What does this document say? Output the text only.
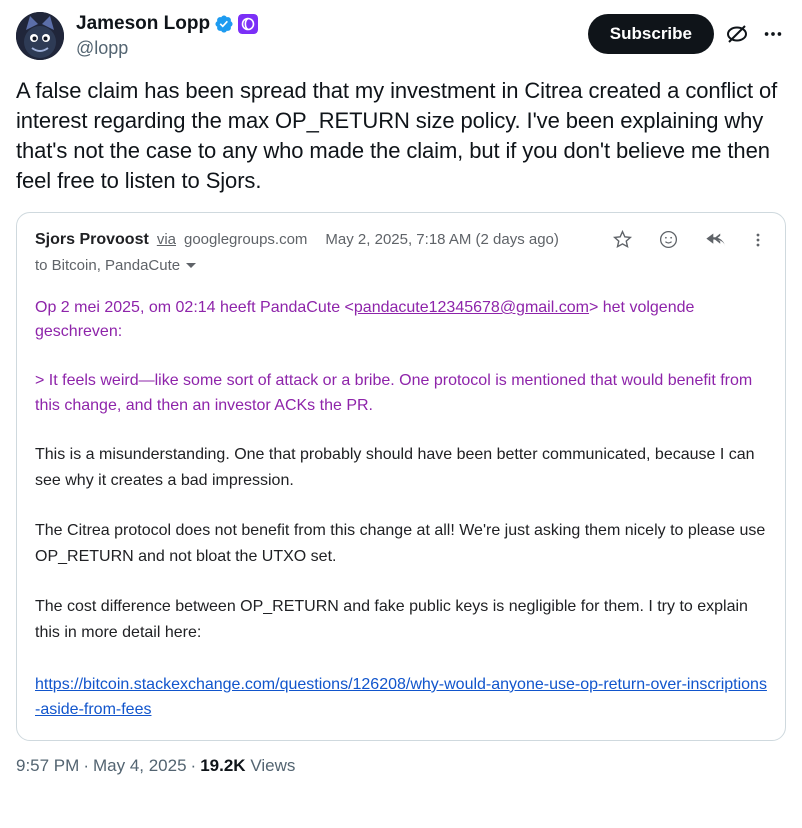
Jameson Lopp
@lopp
Subscribe
A false claim has been spread that my investment in Citrea created a conflict of interest regarding the max OP_RETURN size policy. I've been explaining why that's not the case to any who made the claim, but if you don't believe me then feel free to listen to Sjors.
Sjors Provoost via googlegroups.com May 2, 2025, 7:18 AM (2 days ago)
to Bitcoin, PandaCute
Op 2 mei 2025, om 02:14 heeft PandaCute <pandacute12345678@gmail.com> het volgende geschreven:
> It feels weird—like some sort of attack or a bribe. One protocol is mentioned that would benefit from this change, and then an investor ACKs the PR.
This is a misunderstanding. One that probably should have been better communicated, because I can see why it creates a bad impression.
The Citrea protocol does not benefit from this change at all! We're just asking them nicely to please use OP_RETURN and not bloat the UTXO set.
The cost difference between OP_RETURN and fake public keys is negligible for them. I try to explain this in more detail here:
https://bitcoin.stackexchange.com/questions/126208/why-would-anyone-use-op-return-over-inscriptions-aside-from-fees
9:57 PM · May 4, 2025 · 19.2K Views
